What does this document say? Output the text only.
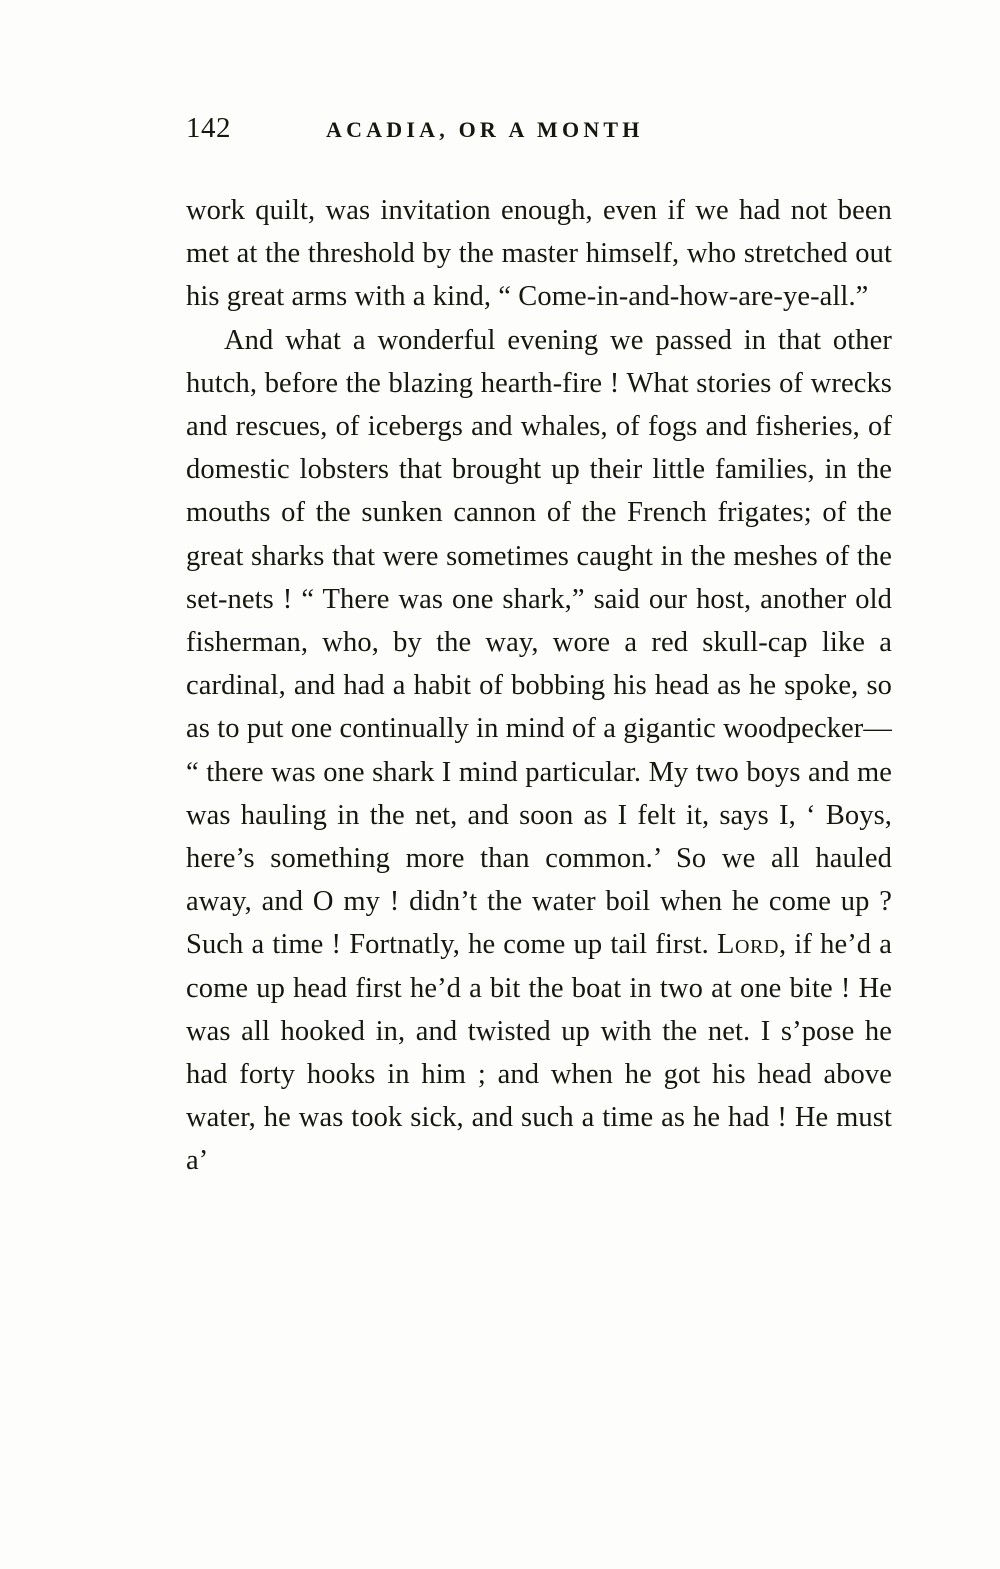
142	ACADIA, OR A MONTH

work quilt, was invitation enough, even if we had not been met at the threshold by the master himself, who stretched out his great arms with a kind, “ Come-in-and-how-are-ye-all.”

And what a wonderful evening we passed in that other hutch, before the blazing hearth-fire ! What stories of wrecks and rescues, of icebergs and whales, of fogs and fisheries, of domestic lobsters that brought up their little families, in the mouths of the sunken cannon of the French frigates; of the great sharks that were sometimes caught in the meshes of the set-nets ! “ There was one shark,” said our host, another old fisherman, who, by the way, wore a red skull-cap like a cardinal, and had a habit of bobbing his head as he spoke, so as to put one continually in mind of a gigantic woodpecker— “ there was one shark I mind particular. My two boys and me was hauling in the net, and soon as I felt it, says I, ‘ Boys, here’s something more than common.’ So we all hauled away, and O my ! didn’t the water boil when he come up ? Such a time ! Fortnatly, he come up tail first. Lord, if he’d a come up head first he’d a bit the boat in two at one bite ! He was all hooked in, and twisted up with the net. I s’pose he had forty hooks in him ; and when he got his head above water, he was took sick, and such a time as he had ! He must a’
